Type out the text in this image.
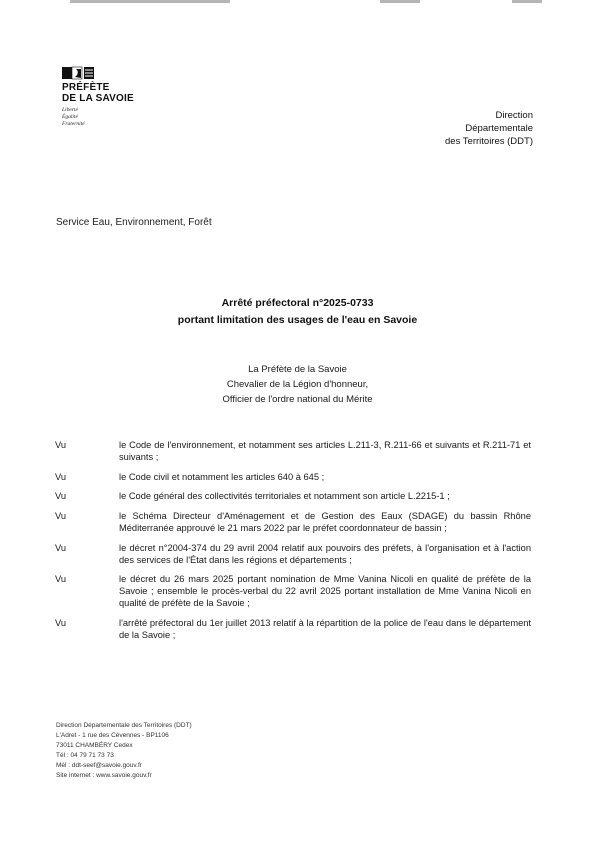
PRÉFÈTE
DE LA SAVOIE
Liberté
Égalité
Fraternité
Direction
Départementale
des Territoires (DDT)
Service Eau, Environnement, Forêt
Arrêté préfectoral n°2025-0733
portant limitation des usages de l'eau en Savoie
La Préfète de la Savoie
Chevalier de la Légion d'honneur,
Officier de l'ordre national du Mérite
Vu	le Code de l'environnement, et notamment ses articles L.211-3, R.211-66 et suivants et R.211-71 et suivants ;
Vu	le Code civil et notamment les articles 640 à 645 ;
Vu	le Code général des collectivités territoriales et notamment son article L.2215-1 ;
Vu	le Schéma Directeur d'Aménagement et de Gestion des Eaux (SDAGE) du bassin Rhône Méditerranée approuvé le 21 mars 2022 par le préfet coordonnateur de bassin ;
Vu	le décret n°2004-374 du 29 avril 2004 relatif aux pouvoirs des préfets, à l'organisation et à l'action des services de l'État dans les régions et départements ;
Vu	le décret du 26 mars 2025 portant nomination de Mme Vanina Nicoli en qualité de préfète de la Savoie ; ensemble le procès-verbal du 22 avril 2025 portant installation de Mme Vanina Nicoli en qualité de préfète de la Savoie ;
Vu	l'arrêté préfectoral du 1er juillet 2013 relatif à la répartition de la police de l'eau dans le département de la Savoie ;
Direction Départementale des Territoires (DDT)
L'Adret - 1 rue des Cévennes - BP1106
73011 CHAMBÉRY Cedex
Tél : 04 79 71 73 73
Mél : ddt-seef@savoie.gouv.fr
Site internet : www.savoie.gouv.fr
